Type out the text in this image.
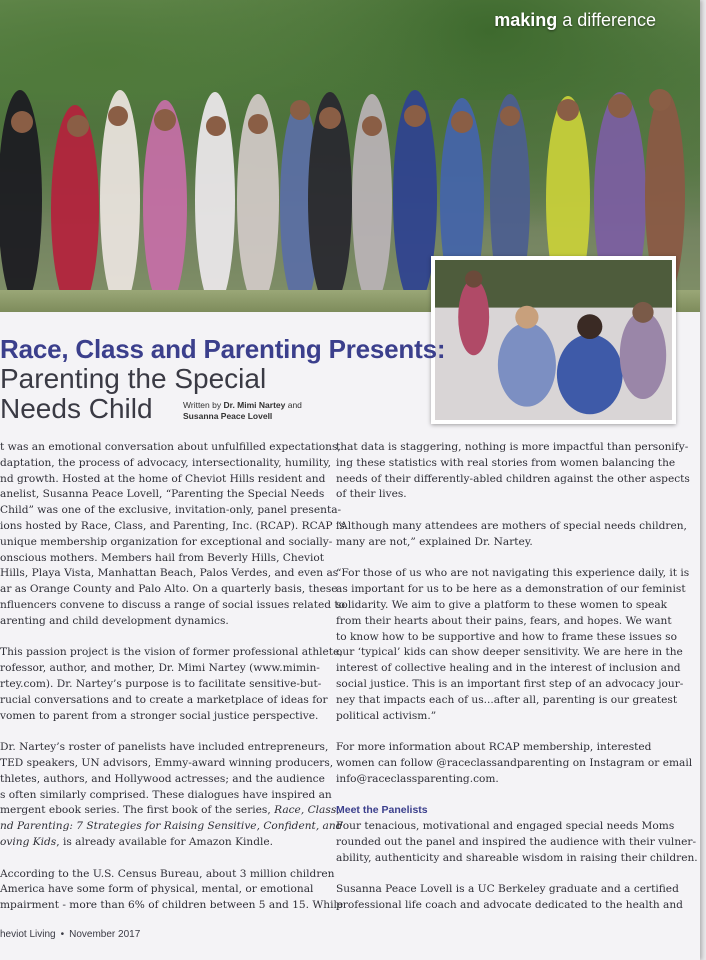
making a difference
Race, Class and Parenting Presents:
Parenting the Special
Needs Child	Written by Dr. Mimi Nartey and
Susanna Peace Lovell

t was an emotional conversation about unfulfilled expectations,
daptation, the process of advocacy, intersectionality, humility,
nd growth. Hosted at the home of Cheviot Hills resident and
anelist, Susanna Peace Lovell, “Parenting the Special Needs
Child” was one of the exclusive, invitation-only, panel presenta-
ions hosted by Race, Class, and Parenting, Inc. (RCAP). RCAP is
unique membership organization for exceptional and socially-
onscious mothers. Members hail from Beverly Hills, Cheviot
Hills, Playa Vista, Manhattan Beach, Palos Verdes, and even as
ar as Orange County and Palo Alto. On a quarterly basis, these
nfluencers convene to discuss a range of social issues related to
arenting and child development dynamics.

This passion project is the vision of former professional athlete,
rofessor, author, and mother, Dr. Mimi Nartey (www.mimin-
rtey.com). Dr. Nartey’s purpose is to facilitate sensitive-but-
rucial conversations and to create a marketplace of ideas for
vomen to parent from a stronger social justice perspective.

Dr. Nartey’s roster of panelists have included entrepreneurs,
TED speakers, UN advisors, Emmy-award winning producers,
thletes, authors, and Hollywood actresses; and the audience
s often similarly comprised. These dialogues have inspired an
mergent ebook series. The first book of the series, Race, Class,
nd Parenting: 7 Strategies for Raising Sensitive, Confident, and
oving Kids, is already available for Amazon Kindle.

According to the U.S. Census Bureau, about 3 million children
America have some form of physical, mental, or emotional
mpairment - more than 6% of children between 5 and 15. While

that data is staggering, nothing is more impactful than personify-
ing these statistics with real stories from women balancing the
needs of their differently-abled children against the other aspects
of their lives.

“Although many attendees are mothers of special needs children,
many are not,” explained Dr. Nartey.

“For those of us who are not navigating this experience daily, it is
as important for us to be here as a demonstration of our feminist
solidarity. We aim to give a platform to these women to speak
from their hearts about their pains, fears, and hopes. We want
to know how to be supportive and how to frame these issues so
our ‘typical’ kids can show deeper sensitivity. We are here in the
interest of collective healing and in the interest of inclusion and
social justice. This is an important first step of an advocacy jour-
ney that impacts each of us...after all, parenting is our greatest
political activism.”

For more information about RCAP membership, interested
women can follow @raceclassandparenting on Instagram or email
info@raceclassparenting.com.

Meet the Panelists

Four tenacious, motivational and engaged special needs Moms
rounded out the panel and inspired the audience with their vulner-
ability, authenticity and shareable wisdom in raising their children.

Susanna Peace Lovell is a UC Berkeley graduate and a certified
professional life coach and advocate dedicated to the health and

heviot Living • November 2017
